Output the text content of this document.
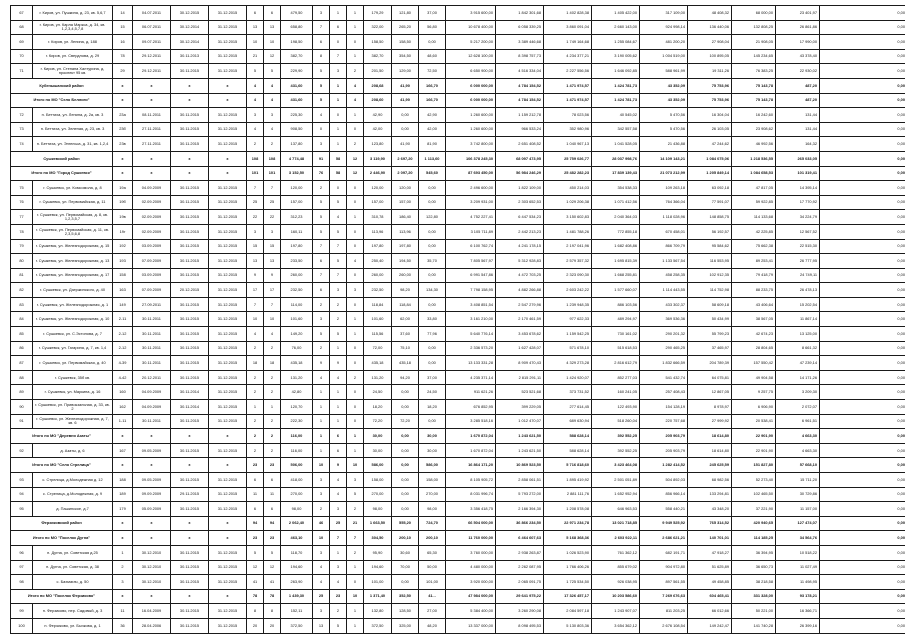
67	г. Киров, ул. Пушкина, д. 23, кв. 5,6,7	14	04.07.2011	30.12.2015	31.12.2015	6	6	479,50	3	1	1	179,29	121,80	37,00	3 915 600,00	1 842 301,68	1 402 828,38	1 405 422,00	317 109,00	48 408,32	68 000,00	23 401,97	0,00
68	г. Киров, ул. Карла Маркса, д. 34, кв. 1,2,3,4,5,7,8	15	06.07.2011	30.12.2014	31.12.2015	13	13	658,80	7	6	1	322,00	265,20	56,80	10 678 400,00	6 058 339,25	3 860 091,04	2 660 143,00	924 998,14	136 440,06	132 808,25	26 861,86	0,00
69	г. Киров, ул. Ленина, д. 188	16	09.07.2011	30.12.2014	31.12.2015	10	10	198,50	6	0	0	158,50	158,50	0,00	5 217 200,00	3 389 446,68	1 749 164,68	1 255 084,67	481 200,20	27 908,04	21 908,05	17 990,00	0,00
70	г. Киров, ул. Свердлова, д. 29	78	29.12.2011	30.11.2013	31.12.2015	21	12	382,70	8	7	1	382,70	354,50	48,60	12 628 100,00	8 398 757,73	4 234 377,21	3 190 005,62	1 004 519,00	100 895,05	145 234,65	43 378,40	0,00
71	г. Киров, ул. Степана Халтурина, д. проспект 95 кв.	29	29.12.2011	30.11.2015	31.12.2015	5	5	229,90	5	3	2	201,50	129,00	72,50	6 650 900,00	4 516 334,04	2 227 556,56	1 646 092,85	588 961,99	19 311,26	76 383,25	22 930,02	0,00
Кубенышанский район		x	x	x	x	4	4	431,60	5	1	4	208,68	41,90	166,70	6 000 000,00	4 784 154,52	1 471 974,57	1 424 781,73	43 352,09	75 753,96	75 143,78	487,20	0,00
Итого по МО "Село Беллиги"		x	x	x	x	4	4	431,60	5	1	4	208,60	41,90	166,70	6 000 000,00	4 784 154,52	1 471 974,57	1 424 781,73	43 352,09	75 753,96	75 143,78	487,20	0,00
72	п. Беттиха, ул. Ленина, д. 2а, кв. 3	23а	08.11.2011	30.11.2015	31.12.2015	3	3	225,30	4	0	1	42,90	0,00	42,90	1 260 600,00	1 159 212,78	78 023,56	40 545,02	5 470,56	16 304,04	16 242,60	131,44	0,00
73	п. Беттиха, ул. Зеленая, д. 23, кв. 3	23б	27.11.2011	30.11.2015	31.12.2015	4	4	908,50	0	1	0	42,00	0,00	42,00	1 260 600,00	966 533,24	352 980,96	342 557,58	5 470,56	26 103,05	23 908,62	131,44	0,00
74	п. Беттиха, ул. Энгельса, д. 31, кв. 1,2,4	23в	27.11.2011	30.11.2015	31.12.2015	2	2	137,80	3	1	2	123,80	41,90	81,90	3 742 800,00	2 651 408,52	1 040 967,13	1 041 528,05	21 436,88	47 244,62	46 992,56	164,32	0,00
Сушкевский район		x	x	x	x	108	108	4 774,48	91	58	12	3 119,90	2 697,20	1 113,60	106 378 245,30	68 097 473,95	25 759 026,77	28 037 998,76	14 109 143,21	1 084 075,06	1 218 536,55	265 033,05	0,00
Итого по МО "Город Сушкевск"		x	x	x	x	101	101	3 152,50	76	58	12	2 446,90	2 097,20	545,60	87 693 450,00	56 984 246,29	25 482 282,23	17 839 139,43	21 073 212,99	1 205 849,14	1 084 658,53	101 319,41	0,00
75	г. Сушкевск, ул. Комсомола, д. 8	19а	04.09.2009	30.11.2015	31.12.2015	7	7	120,00	2	0	0	120,00	120,00	0,00	2 496 600,00	1 822 109,00	450 214,03	354 538,33	109 263,18	63 092,18	47 817,05	14 395,14	0,00
76	г. Сушкевск, ул. Первомайская, д. 11	19б	02.09.2009	30.11.2015	31.12.2015	25	25	157,00	5	5	0	157,00	157,00	0,00	3 209 931,00	2 303 652,53	1 029 206,38	1 071 412,56	764 366,04	77 591,07	59 922,85	17 770,92	0,00
77	г. Сушкевск, ул. Первомайская, д. 8, кв. 1,2,3,5,7	19в	02.09.2009	30.11.2015	31.12.2015	22	22	312,23	5	4	1	310,78	186,40	122,80	4 752 227,41	6 447 534,23	3 150 602,83	2 040 364,03	1 118 028,96	148 858,75	114 133,68	34 224,79	0,00
78	г. Сушкевск, ул. Первомайская, д. 11, кв. 2,3,5,6,8	19г	02.09.2009	30.11.2015	31.12.2015	3	3	160,11	5	5	0	113,96	113,96	0,00	3 105 711,89	2 442 213,23	1 481 788,26	772 855,18	670 458,01	56 192,57	42 225,85	12 567,52	0,00
79	г. Сушкевск, ул. Железнодорожная, д. 15	192	03.09.2009	30.11.2015	31.12.2015	15	15	197,80	7	7	0	197,80	197,80	0,00	6 100 762,74	4 241 178,15	2 197 041,96	1 682 408,86	866 709,79	95 584,62	75 662,38	22 515,30	0,00
80	г. Сушкевск, ул. Железнодорожная, д. 13	193	07.09.2009	30.11.2015	31.12.2015	13	13	233,50	6	5	4	250,40	194,50	35,70	7 805 567,97	5 312 928,83	2 579 357,32	1 695 815,39	1 133 567,54	116 553,95	89 253,41	26 777,95	0,00
81	г. Сушкевск, ул. Железнодорожная, д. 17	158	03.09.2009	30.11.2015	31.12.2015	9	9	260,00	7	7	0	260,00	260,00	0,00	6 991 547,86	4 472 703,25	2 323 090,30	1 668 255,81	458 258,35	102 912,35	79 418,79	24 749,11	0,00
82	г. Сушкевск, ул. Дзержинского, д. 40	163	07.09.2009	20.12.2015	31.12.2015	17	17	232,50	6	3	3	232,50	98,20	134,30	7 798 158,95	4 882 266,88	2 603 242,22	1 577 660,07	1 114 443,55	114 752,98	88 233,75	26 478,13	0,00
83	г. Сушкевск, ул. Железнодорожная, д. 1	149	27.09.2011	30.11.2015	31.12.2015	7	7	114,00	2	2	0	118,84	118,84	0,00	3 408 851,54	2 547 279,96	1 239 948,35	886 103,56	433 302,37	58 609,18	43 406,64	15 202,54	0,00
84	г. Сушкевск, ул. Железнодорожная, д. 10	2-11	30.11.2011	30.11.2015	31.12.2015	10	10	101,60	3	2	1	101,60	62,00	33,80	3 161 210,00	2 170 461,59	977 622,33	489 294,97	369 536,36	50 434,99	38 567,05	11 867,14	0,00
85	г. Сушкевск, ул. С.Эстонова, д. 7	2-12	30.11.2011	30.11.2015	31.12.2015	4	4	149,20	5	5	1	115,56	37,60	77,96	5 640 776,14	3 453 678,62	1 159 542,25	730 161,02	290 201,32	55 799,23	42 674,23	13 125,00	0,00
86	г. Сушкевск, ул. Гагарина, д. 7, кв. 1,4	2-12	30.11.2011	30.11.2015	31.12.2015	2	2	76,00	2	1	0	72,00	75,10	0,00	2 336 573,20	1 627 428,07	571 678,10	515 618,53	290 465,25	37 465,97	28 804,65	8 661,32	0,00
87	г. Сушкевск, ул. Первомайская, д. 40	4-39	30.11.2011	30.11.2015	31.12.2015	18	18	435,18	9	9	0	435,18	435,18	0,00	13 133 331,28	8 909 470,43	4 329 273,28	2 816 612,79	1 832 666,59	204 789,39	157 550,42	47 239,14	0,00
88	г. Сушкевск, 35б кв.	4-42	20.12.2011	30.11.2015	31.12.2015	2	2	131,20	4	4	2	131,20	94,20	37,00	4 235 371,14	2 815 291,11	1 424 920,07	852 277,03	541 432,74	64 075,81	49 904,58	14 171,26	0,00
89	г. Сушкевск, ул. Маркина, д. 16	160	04.09.2009	30.11.2014	31.12.2015	2	2	42,80	1	1	0	24,50	0,00	24,50	911 621,26	523 521,68	373 731,52	160 241,05	257 408,43	12 867,05	9 257,75	3 209,30	0,00
90	г. Сушкевск, ул. Привокзальная, д. 33, кв. 2	162	04.09.2009	30.11.2014	31.12.2015	1	1	120,70	1	1	0	18,20	0,00	18,20	676 852,95	399 229,05	277 614,45	122 493,90	154 128,19	8 978,97	6 906,90	2 072,07	0,00
91	г. Сушкевск, ул. Железнодорожная, д. 7, кв. 6	1-11	30.11.2011	30.11.2015	31.12.2015	2	2	222,30	1	1	0	72,20	72,20	0,00	3 285 518,16	1 012 470,07	689 630,94	518 260,04	220 757,68	27 999,92	20 538,41	6 961,51	0,00
Итого по МО "Деревня Азаты"		x	x	x	x	2	2	116,00	1	6	1	30,00	0,00	30,00	1 670 872,04	1 243 621,50	588 628,14	392 552,25	205 903,79	18 614,80	22 901,90	4 663,30	0,00
92	д. Азаты, д. 6	167	09.05.2009	30.11.2015	31.12.2015	2	2	116,00	1	6	1	30,00	0,00	30,00	1 670 872,04	1 243 621,50	588 628,14	392 552,25	205 903,79	18 614,80	22 901,90	4 663,30	0,00
Итого по МО "Село Стрелица"		x	x	x	x	23	23	506,00	10	9	10	586,00	0,00	586,00	16 864 171,20	10 869 523,50	5 716 818,60	3 423 464,08	1 282 414,52	245 625,59	151 827,80	57 668,10	0,00
93	с. Стрелица, д.Молодежная д. 12	188	09.05.2009	30.11.2015	31.12.2015	6	6	418,00	3	4	3	158,00	0,00	158,00	8 105 905,72	2 858 061,51	1 895 419,92	2 501 051,89	504 892,03	68 982,56	52 273,40	15 711,20	0,00
94	с. Стрелица, д.Молодежная, д. 9	189	09.09.2009	29.11.2015	31.12.2015	11	11	270,00	3	4	5	270,00	0,00	270,00	8 031 996,74	5 793 272,00	2 881 111,76	1 652 952,94	856 966,14	133 294,81	102 465,50	30 729,86	0,00
95	д. Пашинское, д.7	179	05.09.2009	30.11.2015	31.12.2015	6	6	98,00	2	3	2	98,00	0,00	98,00	3 356 418,75	2 166 394,30	1 208 578,08	646 963,53	558 440,21	43 348,20	37 221,90	11 157,00	0,00
Ферзиковский район		x	x	x	x	94	94	2 062,40	46	25	21	1 663,50	555,20	724,70	66 504 000,00	36 866 234,50	22 971 234,78	13 021 718,85	9 949 525,92	765 314,52	420 940,65	127 474,07	0,00
Итого по МО "Поселок Дугна"		x	x	x	x	23	23	463,10	10	7	7	304,50	200,10	200,10	11 760 000,00	6 464 607,63	5 168 368,36	2 603 922,11	2 686 621,21	140 701,01	114 185,25	34 564,76	0,00
96	п. Дугна, ул. Советская д.25	1	30.12.2010	30.11.2015	31.12.2015	5	5	118,70	3	1	2	95,90	30,60	65,30	3 760 000,00	2 938 263,87	1 026 523,90	761 362,12	682 191,71	47 918,27	36 394,95	10 518,22	0,00
97	п. Дугна, ул. Советская, д. 38	2	30.12.2010	30.11.2015	31.12.2015	12	12	194,60	4	3	1	194,60	70,00	50,00	4 480 000,00	2 262 087,95	1 766 406,26	855 679,02	904 972,80	51 625,89	36 650,73	11 027,49	0,00
98	с. Бахмагач, д. 50	3	30.12.2010	30.11.2015	31.12.2015	41	41	263,90	4	4	0	101,00	0,00	101,00	3 920 000,00	2 065 091,75	1 725 534,50	926 038,95	897 561,55	49 458,85	38 218,58	11 498,95	0,00
Итого по МО "Поселок Ферзиково"		x	x	x	x	78	78	1 439,30	25	23	10	1 371,40	352,50	41...	47 984 000,00	29 641 975,22	17 326 457,17	10 203 586,60	7 269 676,63	604 465,41	331 328,00	93 178,21	0,00
99	п. Ферзиково, пер. Садовый, д. 3	11	16.04.2009	30.11.2015	31.12.2015	8	8	152,11	3	2	1	132,80	128,50	27,00	5 384 400,00	3 260 290,08	2 084 597,18	1 243 907,07	811 203,25	66 012,66	50 221,00	16 366,71	0,00
100	п. Ферзиково, ул. Бычкова, д. 1	36	28.04.2006	30.11.2015	31.12.2015	20	20	372,50	13	5	1	372,50	325,00	48,20	13 337 000,00	8 098 495,53	5 130 803,36	3 654 362,12	2 676 108,54	149 242,47	141 740,28	26 399,16	0,00
